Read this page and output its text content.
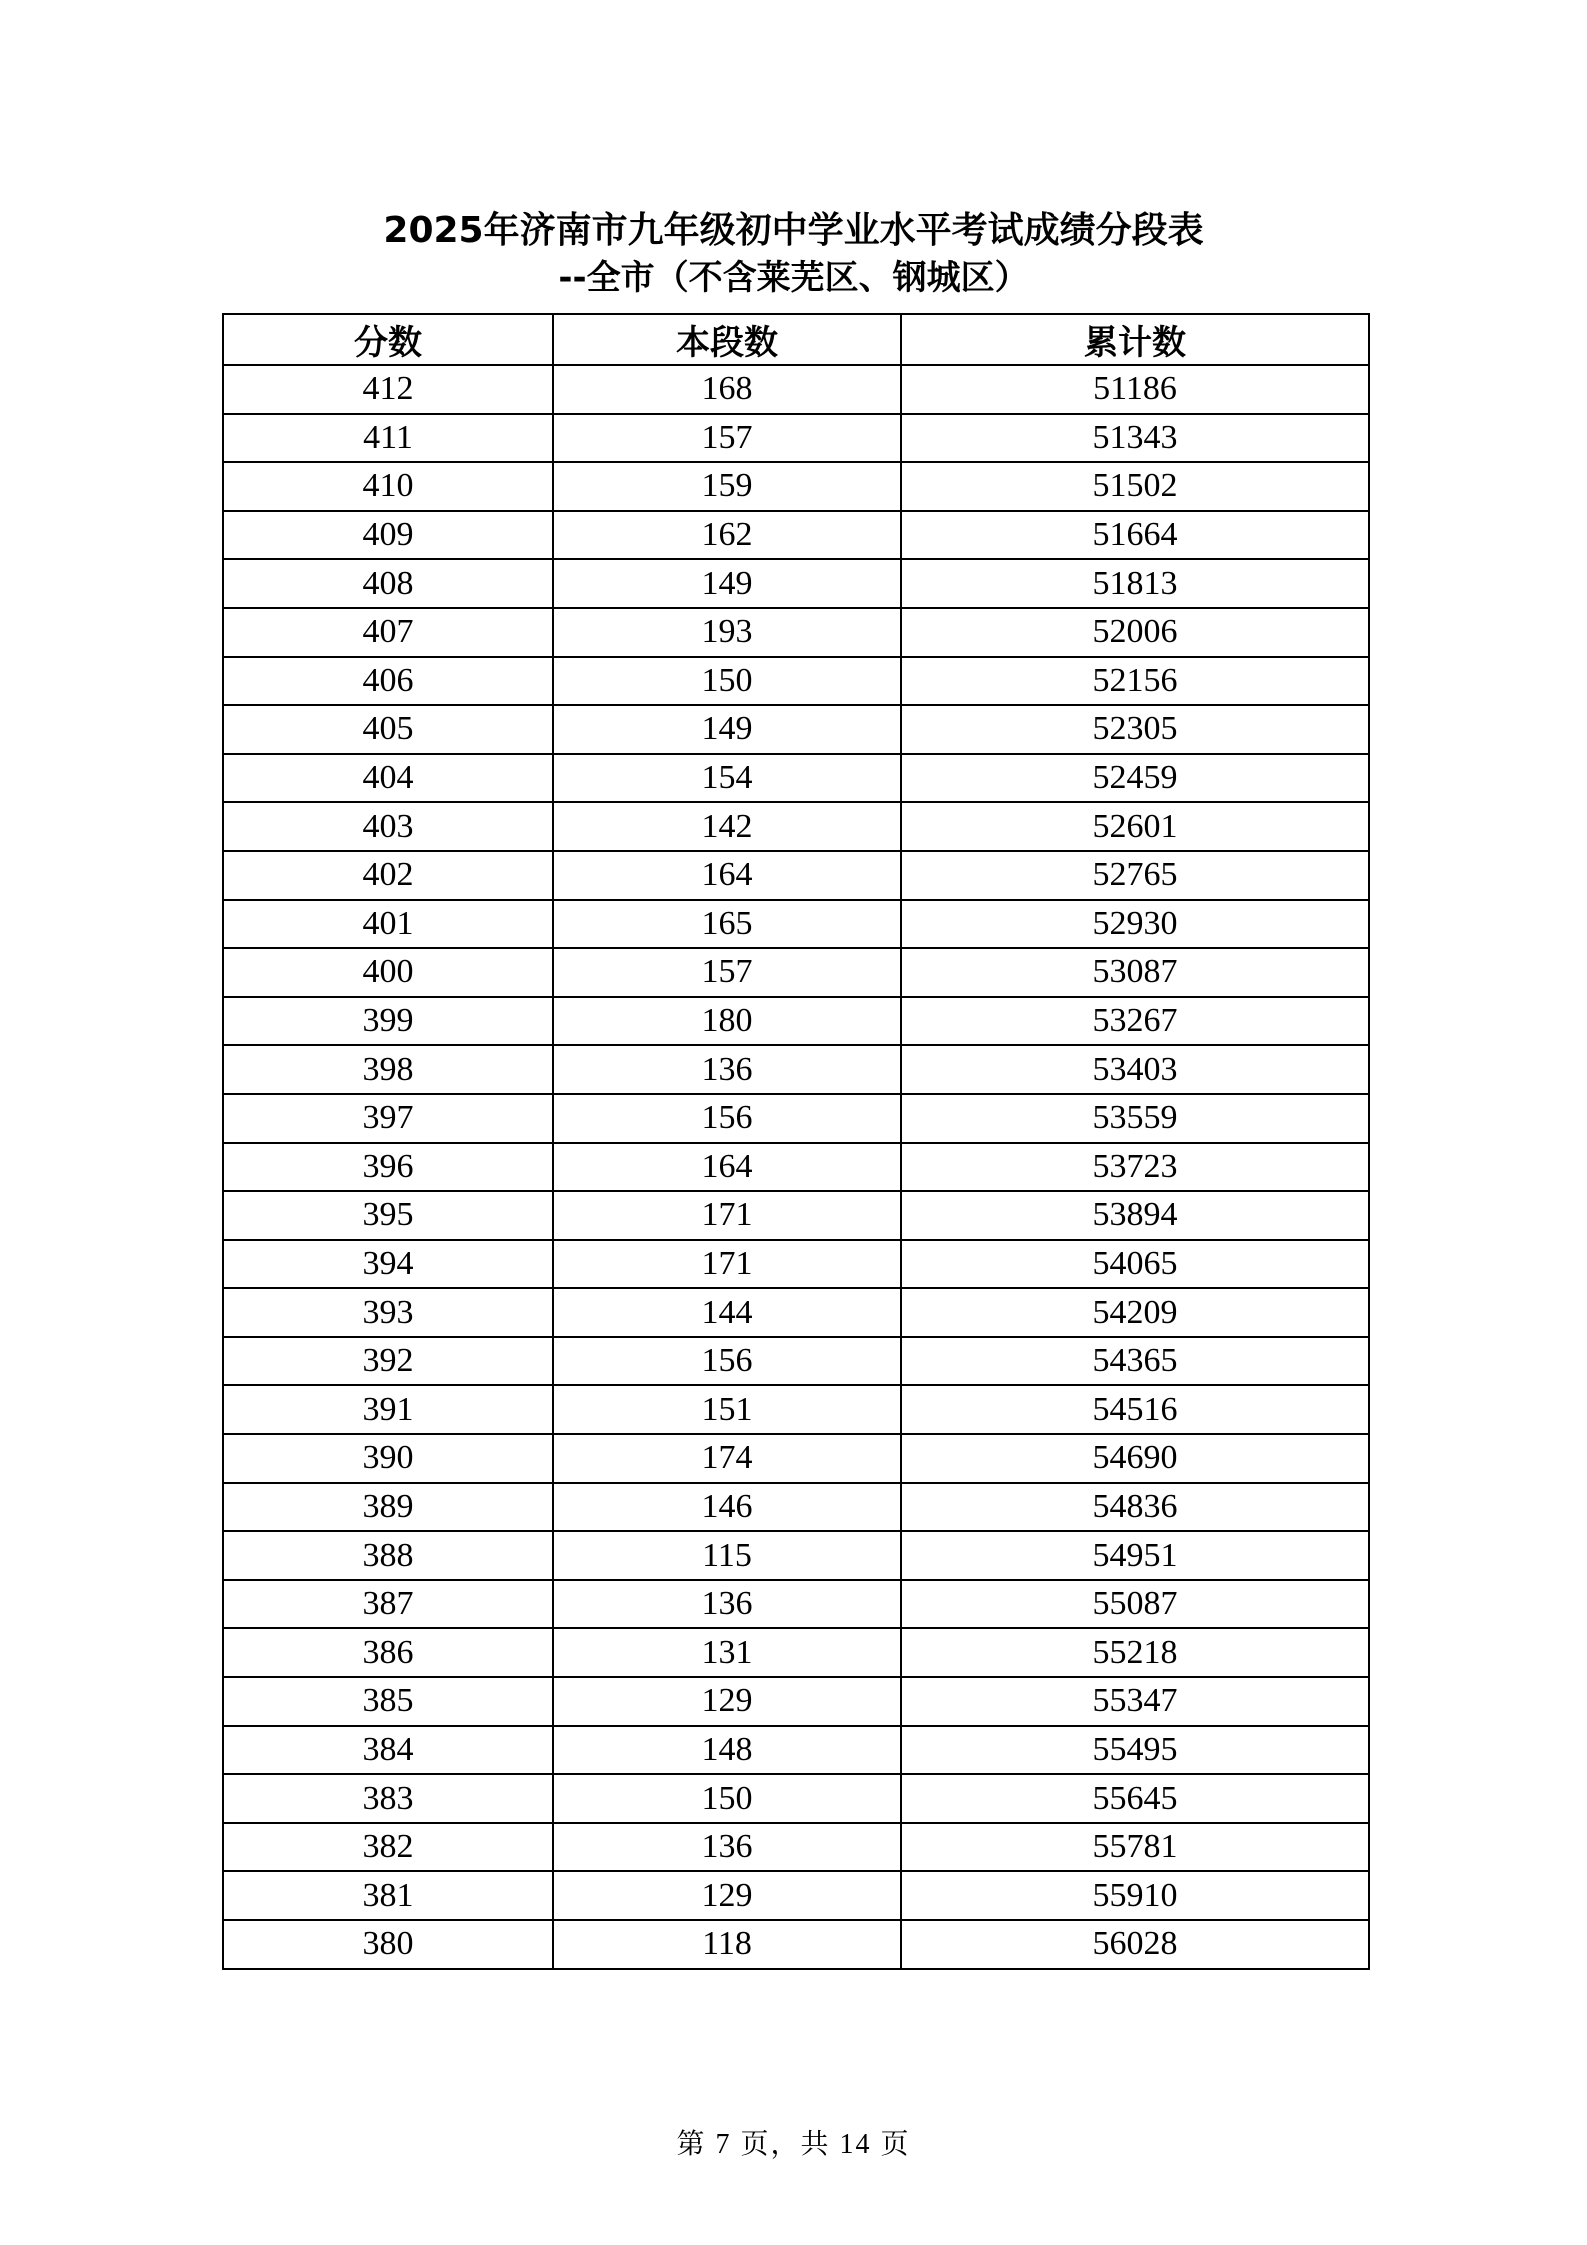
2025年济南市九年级初中学业水平考试成绩分段表

--全市（不含莱芜区、钢城区）

分数	本段数	累计数
412	168	51186
411	157	51343
410	159	51502
409	162	51664
408	149	51813
407	193	52006
406	150	52156
405	149	52305
404	154	52459
403	142	52601
402	164	52765
401	165	52930
400	157	53087
399	180	53267
398	136	53403
397	156	53559
396	164	53723
395	171	53894
394	171	54065
393	144	54209
392	156	54365
391	151	54516
390	174	54690
389	146	54836
388	115	54951
387	136	55087
386	131	55218
385	129	55347
384	148	55495
383	150	55645
382	136	55781
381	129	55910
380	118	56028
第 7 页，共 14 页
